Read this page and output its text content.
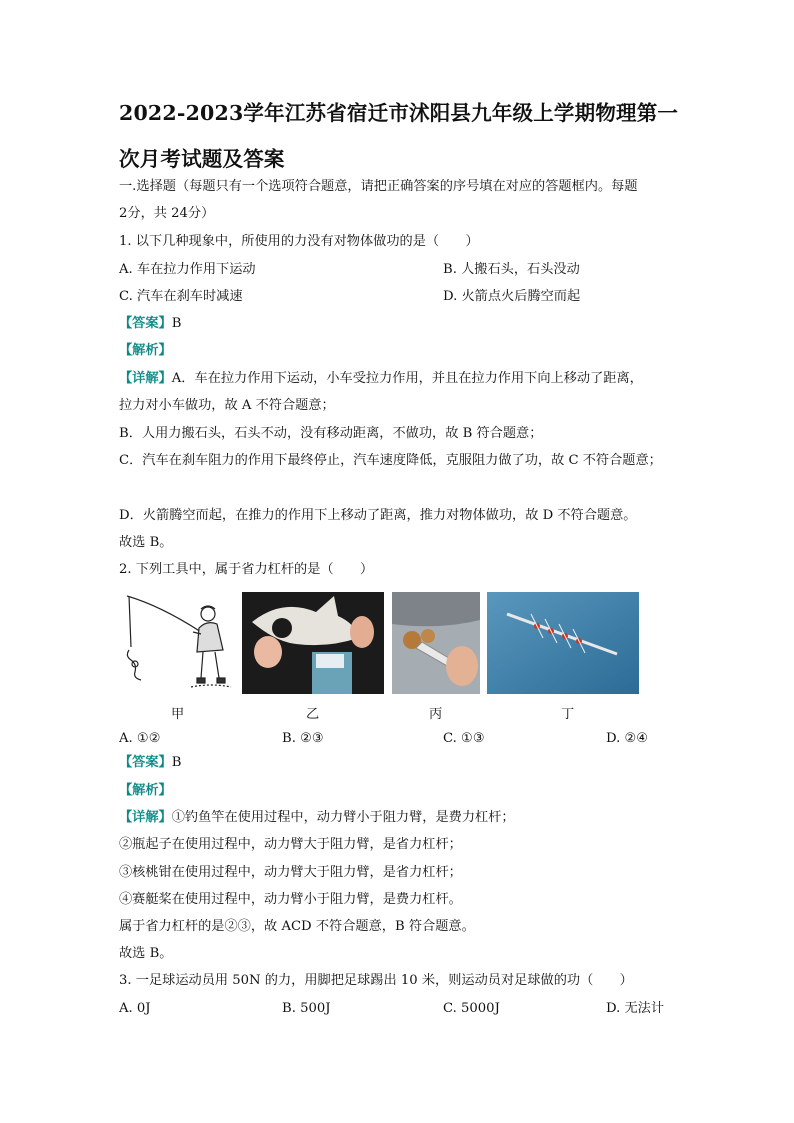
2022-2023学年江苏省宿迁市沭阳县九年级上学期物理第一
次月考试题及答案
一.选择题（每题只有一个选项符合题意，请把正确答案的序号填在对应的答题框内。每题
2分，共 24分）
1. 以下几种现象中，所使用的力没有对物体做功的是（　　）
A. 车在拉力作用下运动	B. 人搬石头，石头没动
C. 汽车在刹车时减速	D. 火箭点火后腾空而起
【答案】B
【解析】
【详解】A．车在拉力作用下运动，小车受拉力作用，并且在拉力作用下向上移动了距离，
拉力对小车做功，故 A 不符合题意；
B．人用力搬石头，石头不动，没有移动距离，不做功，故 B 符合题意；
C．汽车在刹车阻力的作用下最终停止，汽车速度降低，克服阻力做了功，故 C 不符合题意；
D．火箭腾空而起，在推力的作用下上移动了距离，推力对物体做功，故 D 不符合题意。
故选 B。
2. 下列工具中，属于省力杠杆的是（　　）
甲	乙	丙	丁
A. ①②	B. ②③	C. ①③	D. ②④
【答案】B
【解析】
【详解】①钓鱼竿在使用过程中，动力臂小于阻力臂，是费力杠杆；
②瓶起子在使用过程中，动力臂大于阻力臂，是省力杠杆；
③核桃钳在使用过程中，动力臂大于阻力臂，是省力杠杆；
④赛艇桨在使用过程中，动力臂小于阻力臂，是费力杠杆。
属于省力杠杆的是②③，故 ACD 不符合题意，B 符合题意。
故选 B。
3. 一足球运动员用 50N 的力，用脚把足球踢出 10 米，则运动员对足球做的功（　　）
A. 0J	B. 500J	C. 5000J	D. 无法计
